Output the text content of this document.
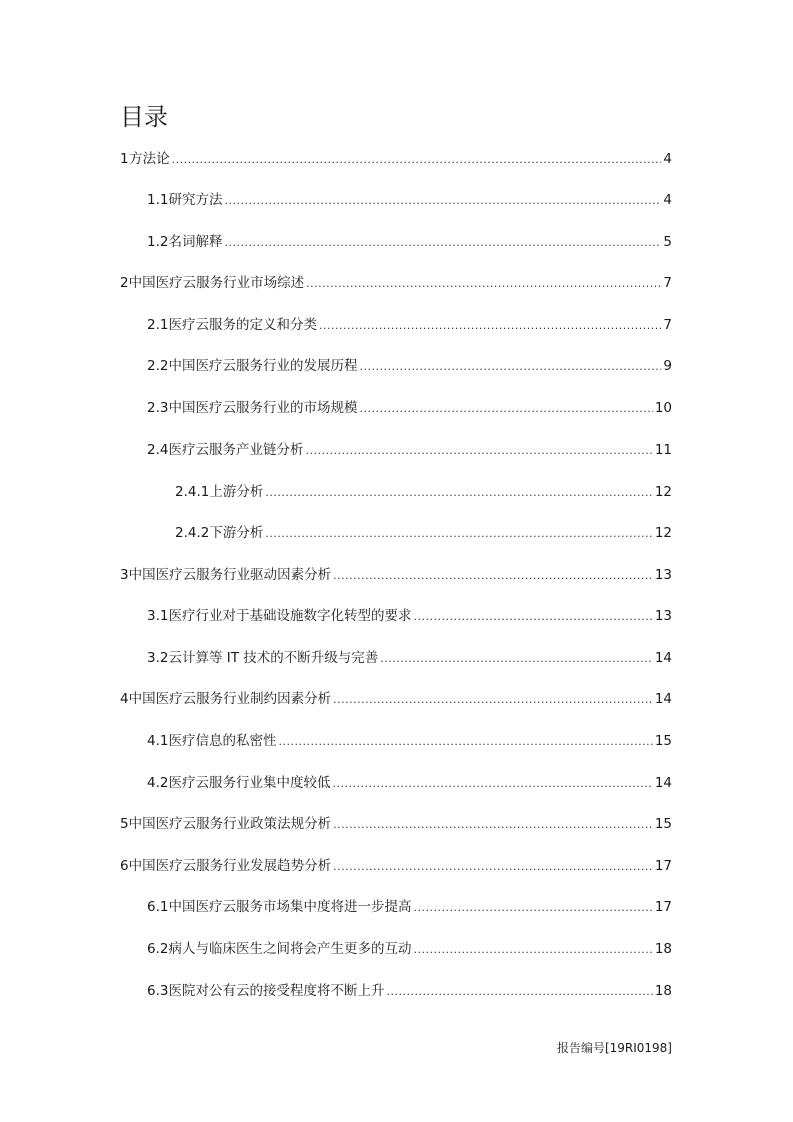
目录
1 方法论 .....	4
1.1 研究方法 .....	4
1.2 名词解释 .....	5
2 中国医疗云服务行业市场综述 .....	7
2.1 医疗云服务的定义和分类 .....	7
2.2 中国医疗云服务行业的发展历程 .....	9
2.3 中国医疗云服务行业的市场规模 .....	10
2.4 医疗云服务产业链分析 .....	11
2.4.1 上游分析 .....	12
2.4.2 下游分析 .....	12
3 中国医疗云服务行业驱动因素分析 .....	13
3.1 医疗行业对于基础设施数字化转型的要求 .....	13
3.2 云计算等 IT 技术的不断升级与完善 .....	14
4 中国医疗云服务行业制约因素分析 .....	14
4.1 医疗信息的私密性 .....	15
4.2 医疗云服务行业集中度较低 .....	14
5 中国医疗云服务行业政策法规分析 .....	15
6 中国医疗云服务行业发展趋势分析 .....	17
6.1 中国医疗云服务市场集中度将进一步提高 .....	17
6.2 病人与临床医生之间将会产生更多的互动 .....	18
6.3 医院对公有云的接受程度将不断上升 .....	18
报告编号[19RI0198]
